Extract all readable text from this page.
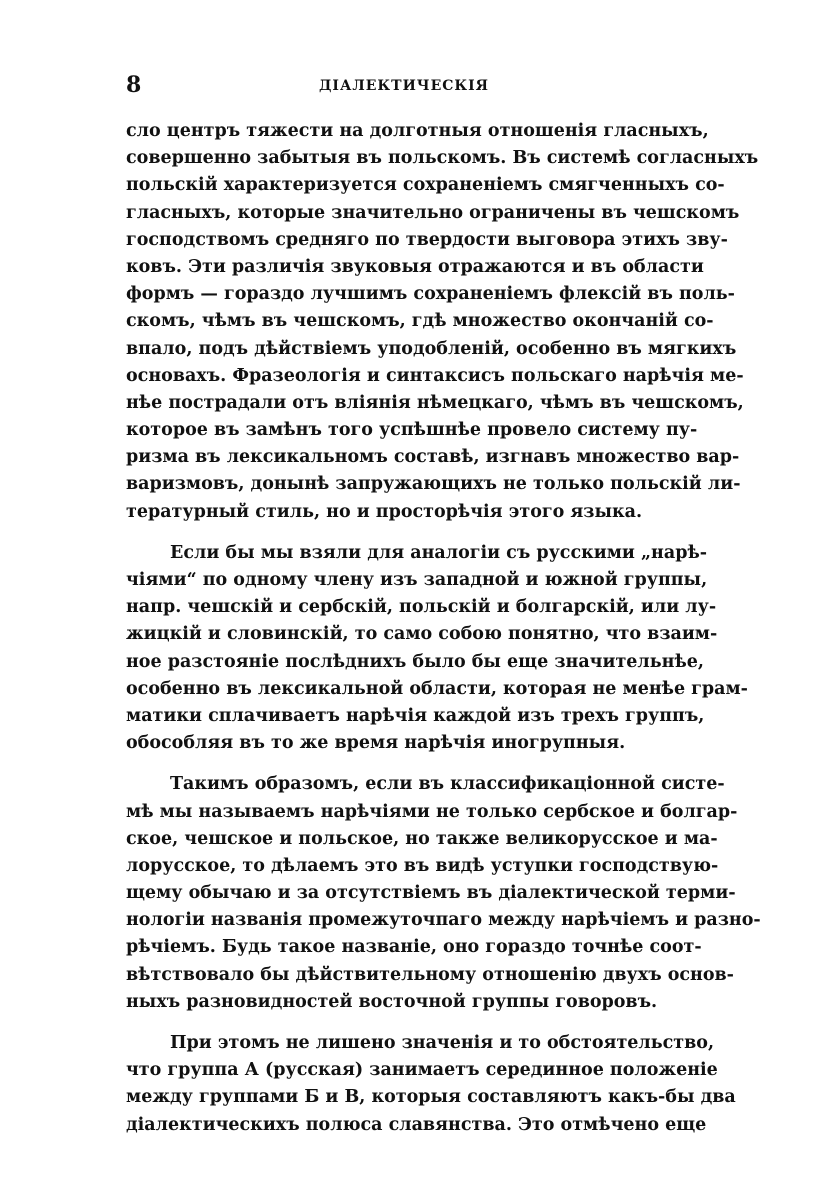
8	ДІАЛЕКТИЧЕСКІЯ
сло центръ тяжести на долготныя отношенія гласныхъ,
совершенно забытыя въ польскомъ. Въ системѣ согласныхъ
польскій характеризуется сохраненіемъ смягченныхъ со-
гласныхъ, которые значительно ограничены въ чешскомъ
господствомъ средняго по твердости выговора этихъ зву-
ковъ. Эти различія звуковыя отражаются и въ области
формъ — гораздо лучшимъ сохраненіемъ флексій въ поль-
скомъ, чѣмъ въ чешскомъ, гдѣ множество окончаній со-
впало, подъ дѣйствіемъ уподобленій, особенно въ мягкихъ
основахъ. Фразеологія и синтаксисъ польскаго нарѣчія ме-
нѣе пострадали отъ вліянія нѣмецкаго, чѣмъ въ чешскомъ,
которое въ замѣнъ того успѣшнѣе провело систему пу-
ризма въ лексикальномъ составѣ, изгнавъ множество вар-
варизмовъ, донынѣ запружающихъ не только польскій ли-
тературный стиль, но и просторѣчія этого языка.
Если бы мы взяли для аналогіи съ русскими „нарѣ-
чіями“ по одному члену изъ западной и южной группы,
напр. чешскій и сербскій, польскій и болгарскій, или лу-
жицкій и словинскій, то само собою понятно, что взаим-
ное разстояніе послѣднихъ было бы еще значительнѣе,
особенно въ лексикальной области, которая не менѣе грам-
матики сплачиваетъ нарѣчія каждой изъ трехъ группъ,
обособляя въ то же время нарѣчія иногрупныя.
Такимъ образомъ, если въ классификаціонной систе-
мѣ мы называемъ нарѣчіями не только сербское и болгар-
ское, чешское и польское, но также великорусское и ма-
лорусское, то дѣлаемъ это въ видѣ уступки господствую-
щему обычаю и за отсутствіемъ въ діалектической терми-
нологіи названія промежуточпаго между нарѣчіемъ и разно-
рѣчіемъ. Будь такое названіе, оно гораздо точнѣе соот-
вѣтствовало бы дѣйствительному отношенію двухъ основ-
ныхъ разновидностей восточной группы говоровъ.
При этомъ не лишено значенія и то обстоятельство,
что группа А (русская) занимаетъ серединное положеніе
между группами Б и В, которыя составляютъ какъ-бы два
діалектическихъ полюса славянства. Это отмѣчено еще
